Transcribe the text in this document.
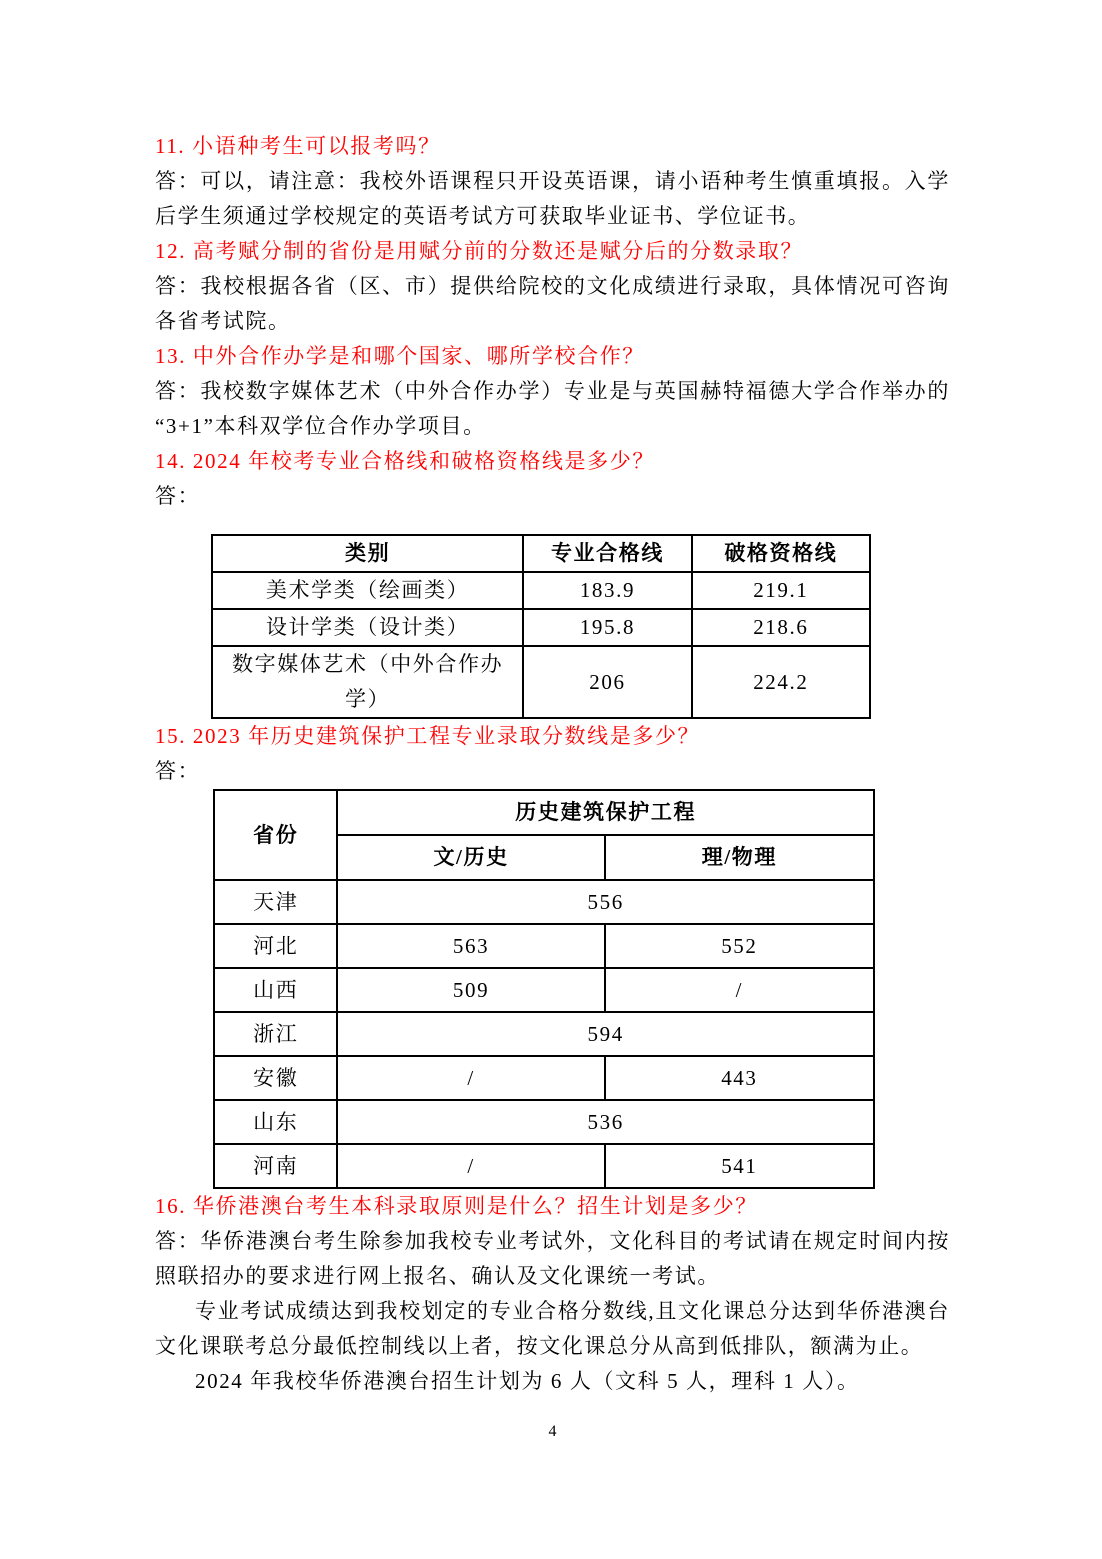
11. 小语种考生可以报考吗？

答：可以，请注意：我校外语课程只开设英语课，请小语种考生慎重填报。入学后学生须通过学校规定的英语考试方可获取毕业证书、学位证书。

12. 高考赋分制的省份是用赋分前的分数还是赋分后的分数录取？

答：我校根据各省（区、市）提供给院校的文化成绩进行录取，具体情况可咨询各省考试院。

13. 中外合作办学是和哪个国家、哪所学校合作？

答：我校数字媒体艺术（中外合作办学）专业是与英国赫特福德大学合作举办的“3+1”本科双学位合作办学项目。

14. 2024 年校考专业合格线和破格资格线是多少？

答：

类别	专业合格线	破格资格线
美术学类（绘画类）	183.9	219.1
设计学类（设计类）	195.8	218.6
数字媒体艺术（中外合作办学）	206	224.2
15. 2023 年历史建筑保护工程专业录取分数线是多少？

答：

省份	历史建筑保护工程	
	文/历史	理/物理
天津	556	
河北	563	552
山西	509	/
浙江	594	
安徽	/	443
山东	536	
河南	/	541
16. 华侨港澳台考生本科录取原则是什么？招生计划是多少？

答：华侨港澳台考生除参加我校专业考试外，文化科目的考试请在规定时间内按照联招办的要求进行网上报名、确认及文化课统一考试。

专业考试成绩达到我校划定的专业合格分数线,且文化课总分达到华侨港澳台文化课联考总分最低控制线以上者，按文化课总分从高到低排队，额满为止。

2024 年我校华侨港澳台招生计划为 6 人（文科 5 人，理科 1 人）。

4
